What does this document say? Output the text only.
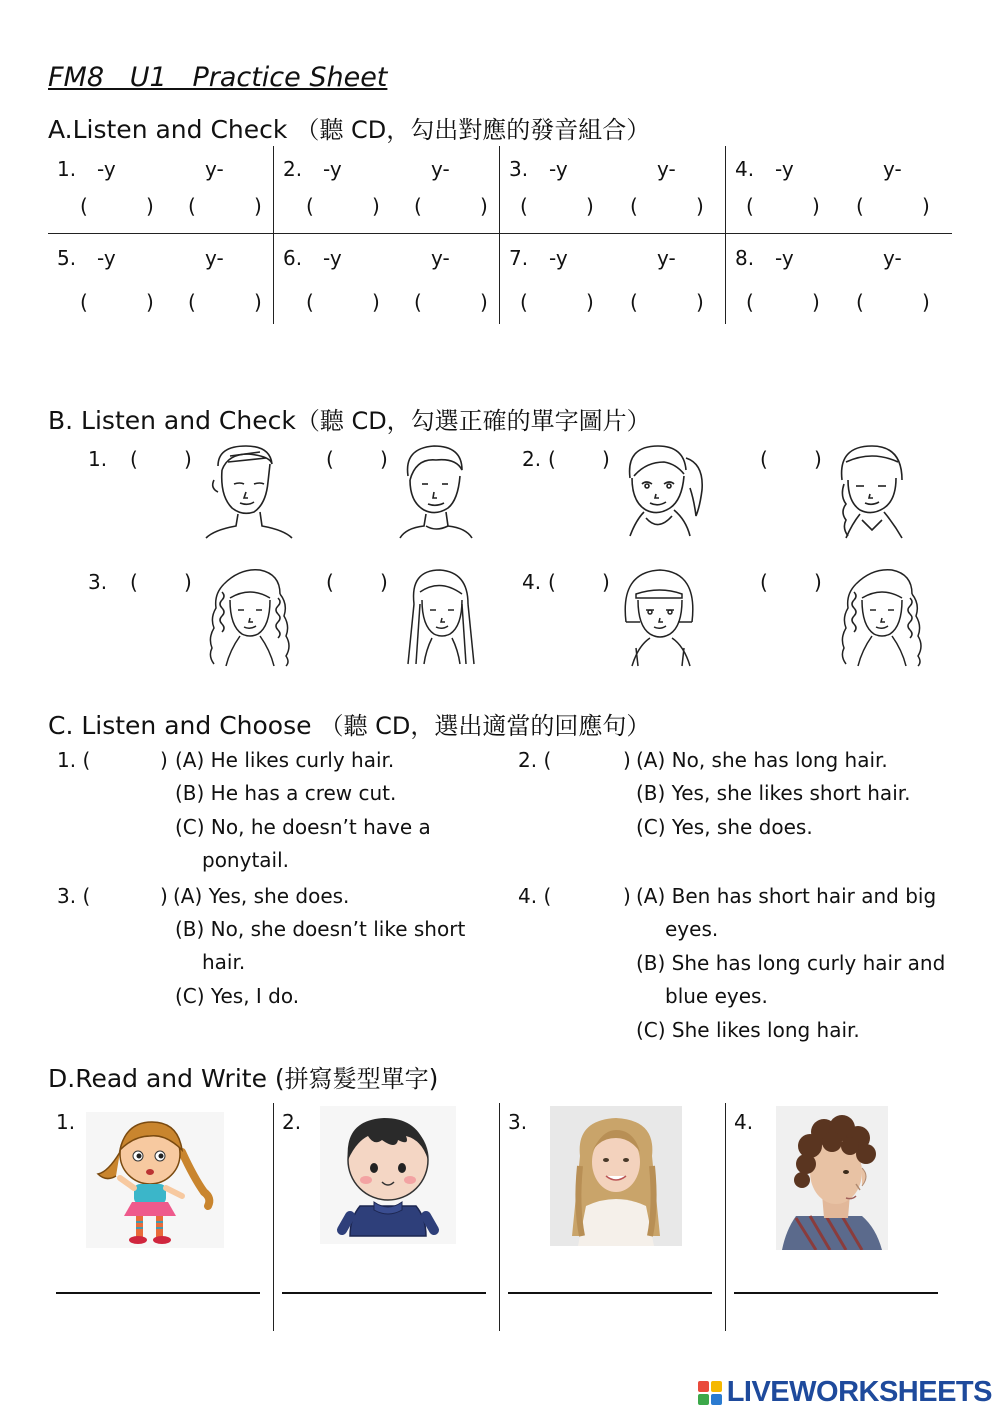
FM8   U1   Practice Sheet
A.Listen and Check （聽 CD，勾出對應的發音組合）
1. -y	y-
(	) (	)
2. -y	y-
(	) (	)
3. -y	y-
(	) (	)
4. -y	y-
(	) (	)
5. -y	y-
(	) (	)
6. -y	y-
(	) (	)
7. -y	y-
(	) (	)
8. -y	y-
(	) (	)
B. Listen and Check（聽 CD，勾選正確的單字圖片）
1. ( )	( )	2. ( )	( )
3. ( )	( )	4. ( )	( )
C. Listen and Choose （聽 CD，選出適當的回應句）
1. (	) (A) He likes curly hair.
(B) He has a crew cut.
(C) No, he doesn’t have a
ponytail.
2. (	) (A) No, she has long hair.
(B) Yes, she likes short hair.
(C) Yes, she does.
3. (	) (A) Yes, she does.
(B) No, she doesn’t like short
hair.
(C) Yes, I do.
4. (	) (A) Ben has short hair and big
eyes.
(B) She has long curly hair and
blue eyes.
(C) She likes long hair.
D.Read and Write (拼寫髮型單字)
1.	2.	3.	4.
LIVEWORKSHEETS
